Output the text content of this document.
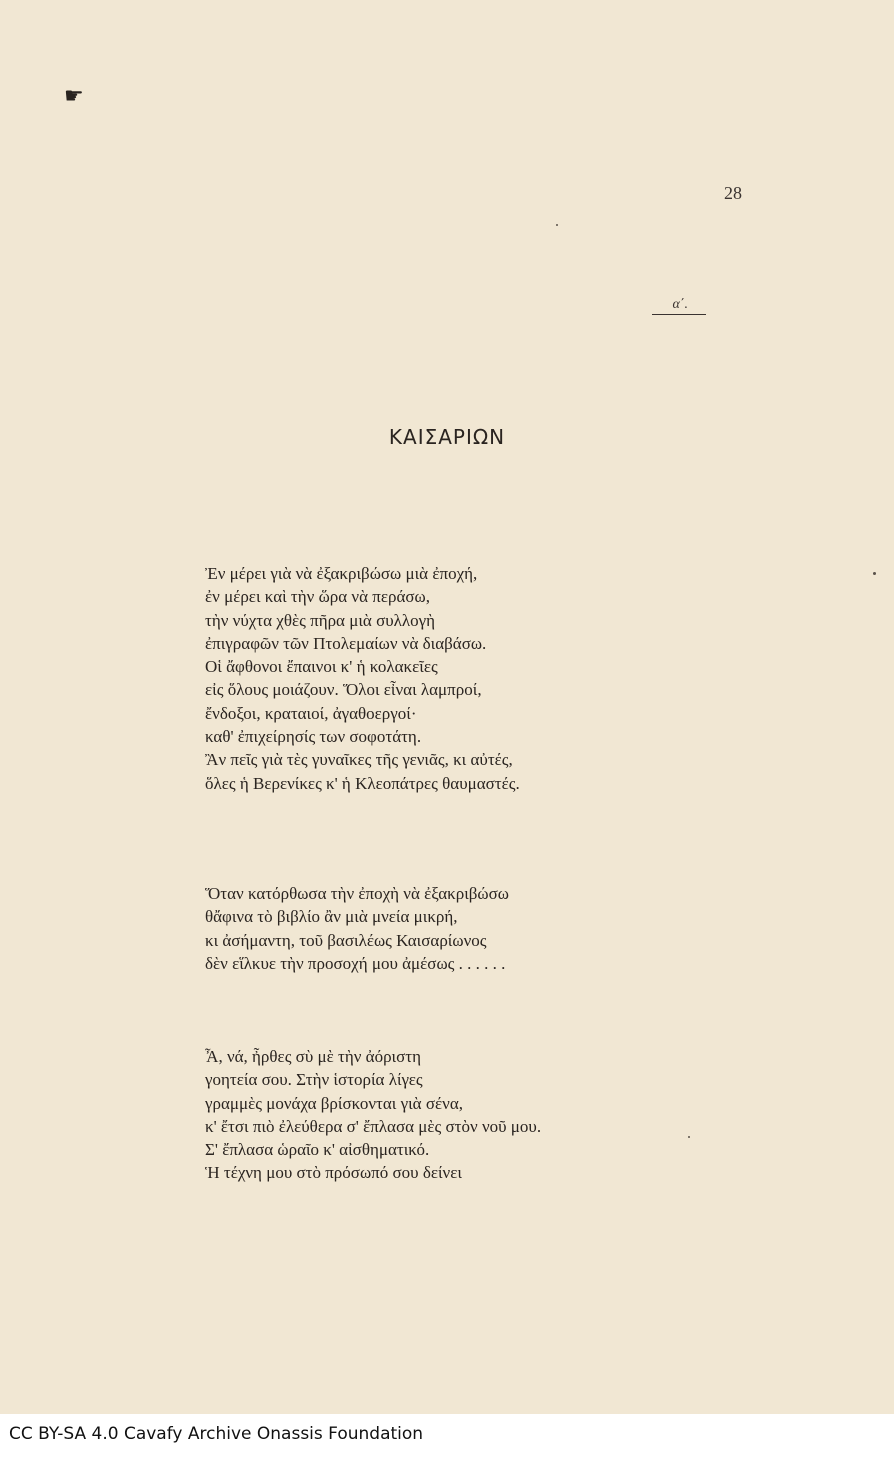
☛
28
α΄.
ΚΑΙΣΑΡΙΩΝ
Ἐν μέρει γιὰ νὰ ἐξακριβώσω μιὰ ἐποχή,
ἐν μέρει καὶ τὴν ὥρα νὰ περάσω,
τὴν νύχτα χθὲς πῆρα μιὰ συλλογὴ
ἐπιγραφῶν τῶν Πτολεμαίων νὰ διαβάσω.
Οἱ ἄφθονοι ἔπαινοι κ' ἡ κολακεῖες
εἰς ὅλους μοιάζουν. Ὅλοι εἶναι λαμπροί,
ἔνδοξοι, κραταιοί, ἀγαθοεργοί·
καθ' ἐπιχείρησίς των σοφοτάτη.
Ἂν πεῖς γιὰ τὲς γυναῖκες τῆς γενιᾶς, κι αὐτές,
ὅλες ἡ Βερενίκες κ' ἡ Κλεοπάτρες θαυμαστές.
Ὅταν κατόρθωσα τὴν ἐποχὴ νὰ ἐξακριβώσω
θἄφινα τὸ βιβλίο ἂν μιὰ μνεία μικρή,
κι ἀσήμαντη, τοῦ βασιλέως Καισαρίωνος
δὲν εἵλκυε τὴν προσοχή μου ἀμέσως . . . . . .
Ἆ, νά, ἦρθες σὺ μὲ τὴν ἀόριστη
γοητεία σου. Στὴν ἱστορία λίγες
γραμμὲς μονάχα βρίσκονται γιὰ σένα,
κ' ἔτσι πιὸ ἐλεύθερα σ' ἔπλασα μὲς στὸν νοῦ μου.
Σ' ἔπλασα ὡραῖο κ' αἰσθηματικό.
Ἡ τέχνη μου στὸ πρόσωπό σου δείνει
CC BY-SA 4.0 Cavafy Archive Onassis Foundation
